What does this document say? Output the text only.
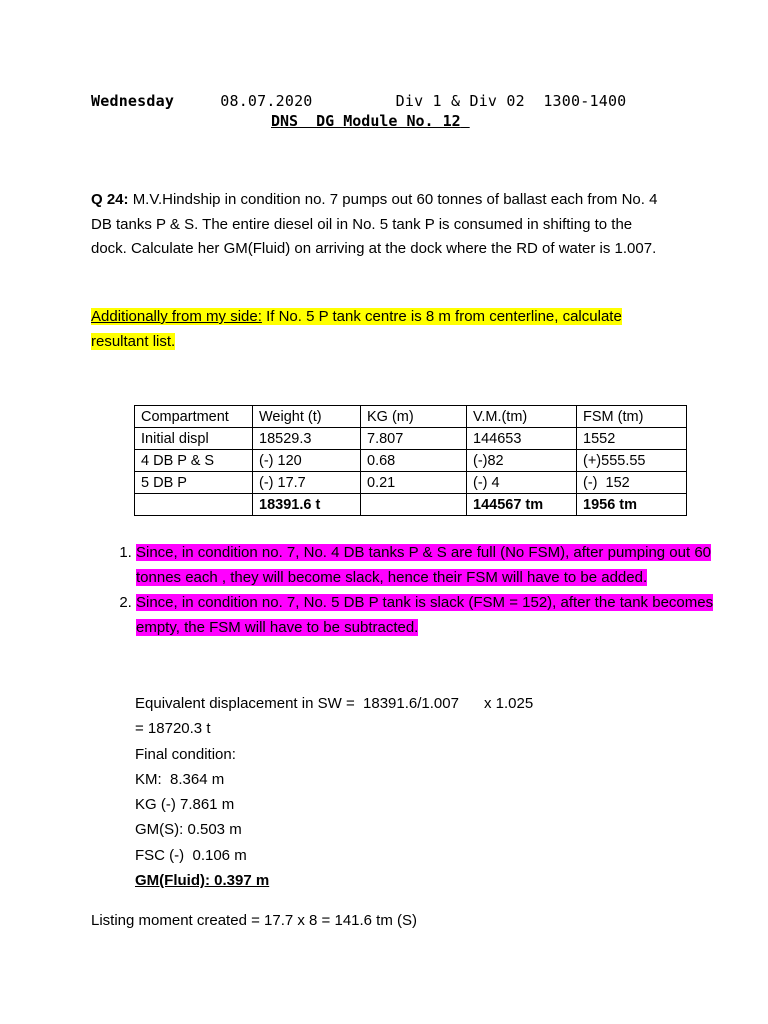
Wednesday	08.07.2020	Div 1 & Div 02 1300-1400
DNS  DG Module No. 12
Q 24: M.V.Hindship in condition no. 7 pumps out 60 tonnes of ballast each from No. 4 DB tanks P & S. The entire diesel oil in No. 5 tank P is consumed in shifting to the dock. Calculate her GM(Fluid) on arriving at the dock where the RD of water is 1.007.
Additionally from my side: If No. 5 P tank centre is 8 m from centerline, calculate resultant list.
Compartment	Weight (t)	KG (m)	V.M.(tm)	FSM (tm)
Initial displ	18529.3	7.807	144653	1552
4 DB P & S	(-) 120	0.68	(-)82	(+)555.55
5 DB P	(-) 17.7	0.21	(-) 4	(-)  152
	18391.6 t		144567 tm	1956 tm
1. Since, in condition no. 7, No. 4 DB tanks P & S are full (No FSM), after pumping out 60 tonnes each , they will become slack, hence their FSM will have to be added.
2. Since, in condition no. 7, No. 5 DB P tank is slack (FSM = 152), after the tank becomes empty, the FSM will have to be subtracted.
Equivalent displacement in SW =  18391.6/1.007      x 1.025
= 18720.3 t
Final condition:
KM:  8.364 m
KG (-) 7.861 m
GM(S): 0.503 m
FSC (-)  0.106 m
GM(Fluid): 0.397 m
Listing moment created = 17.7 x 8 = 141.6 tm (S)
